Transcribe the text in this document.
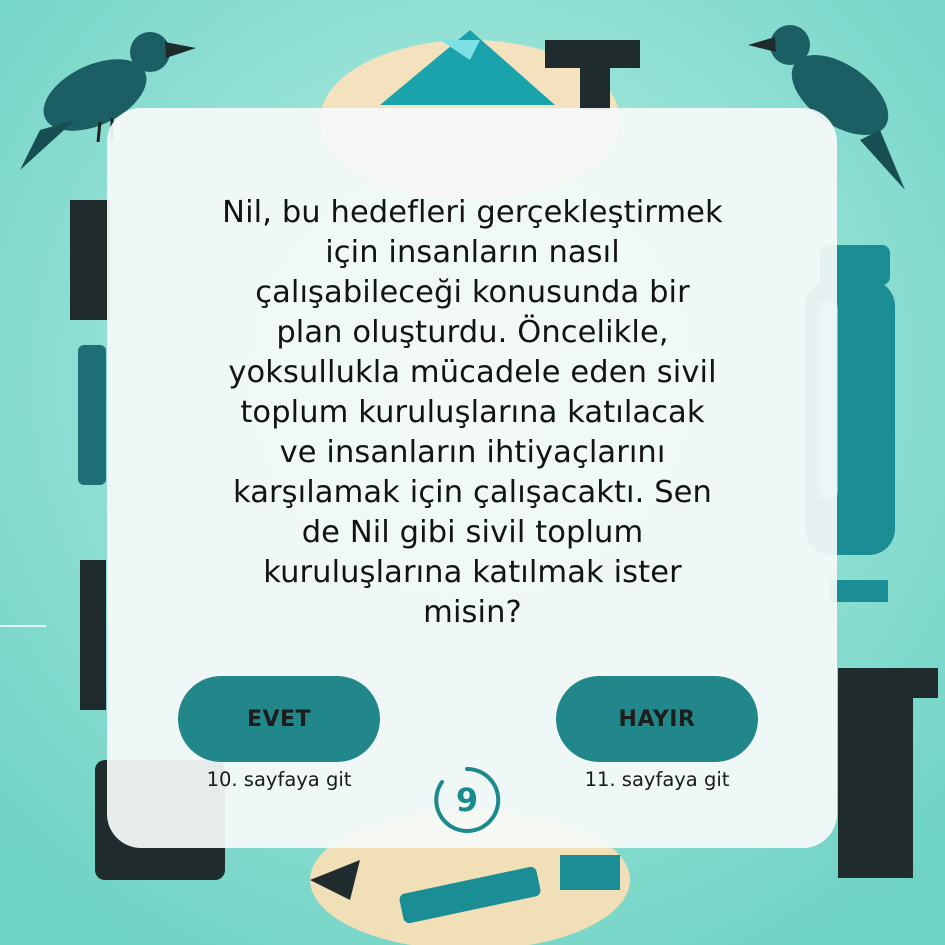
Nil, bu hedefleri gerçekleştirmek
için insanların nasıl
çalışabileceği konusunda bir
plan oluşturdu. Öncelikle,
yoksullukla mücadele eden sivil
toplum kuruluşlarına katılacak
ve insanların ihtiyaçlarını
karşılamak için çalışacaktı. Sen
de Nil gibi sivil toplum
kuruluşlarına katılmak ister
misin?

EVET	HAYIR
10. sayfaya git	11. sayfaya git
9
